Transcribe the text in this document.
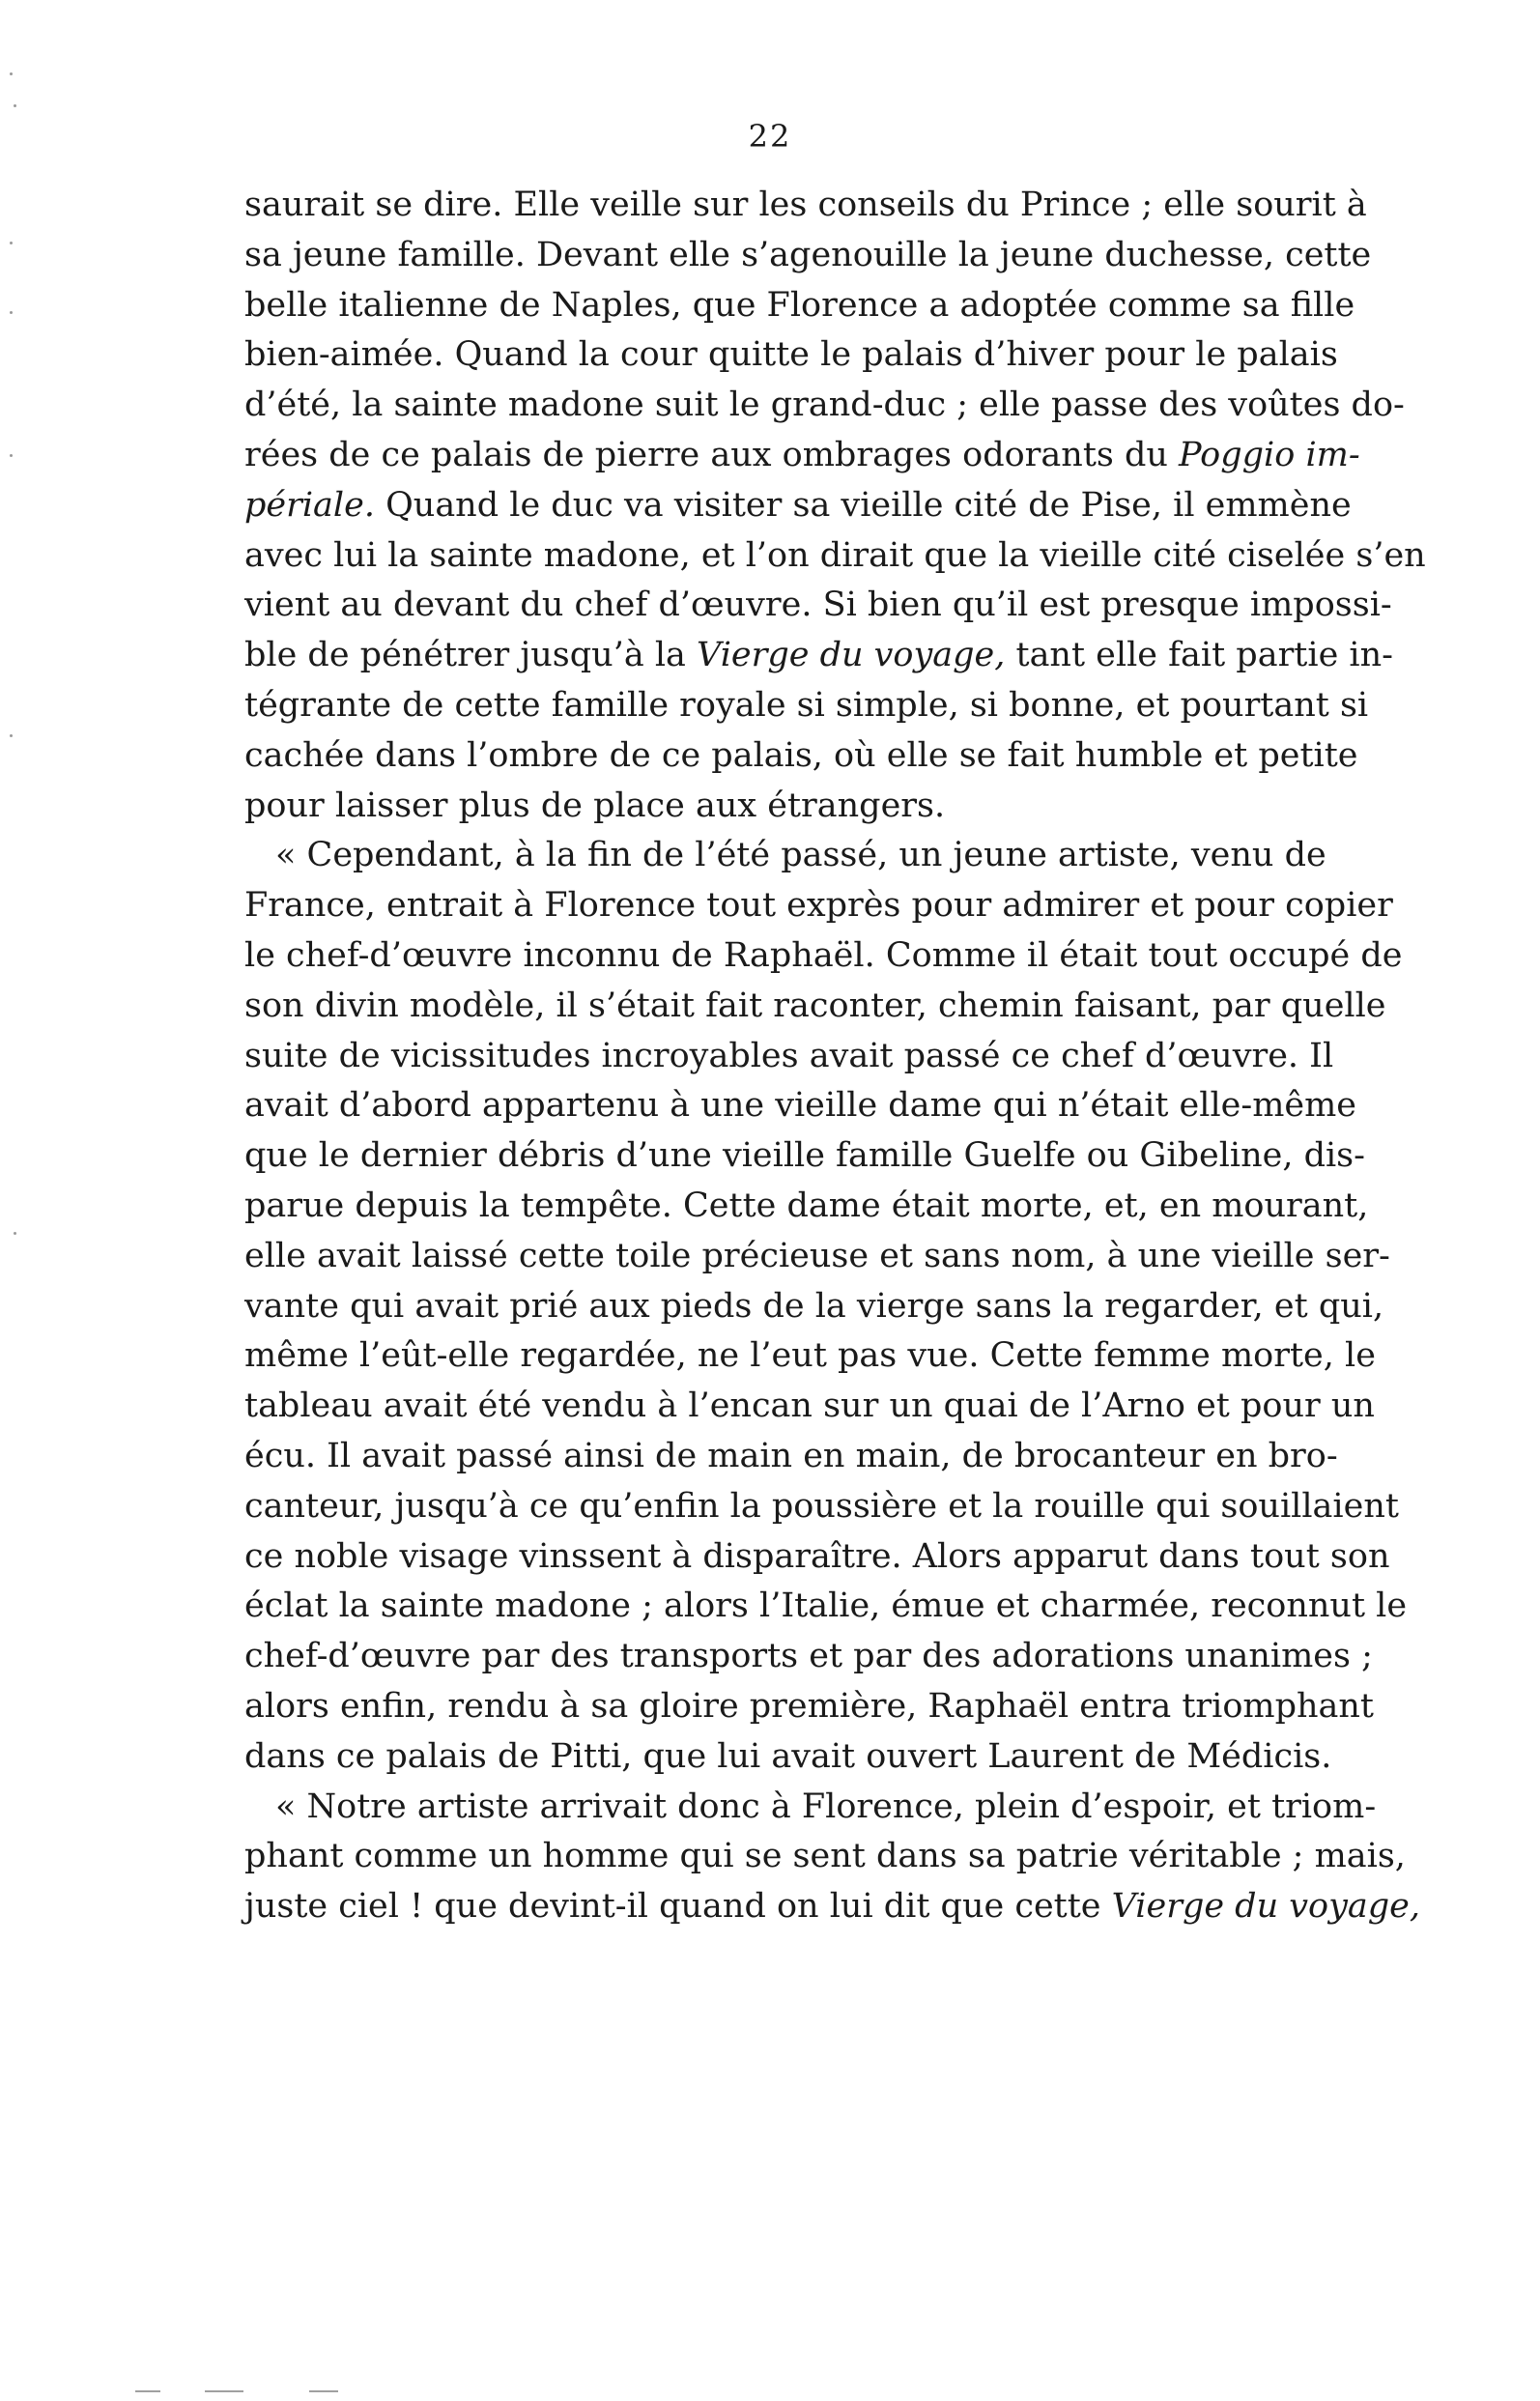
22
saurait se dire. Elle veille sur les conseils du Prince ; elle sourit à
sa jeune famille. Devant elle s’agenouille la jeune duchesse, cette
belle italienne de Naples, que Florence a adoptée comme sa fille
bien-aimée. Quand la cour quitte le palais d’hiver pour le palais
d’été, la sainte madone suit le grand-duc ; elle passe des voûtes do-
rées de ce palais de pierre aux ombrages odorants du Poggio im-
périale. Quand le duc va visiter sa vieille cité de Pise, il emmène
avec lui la sainte madone, et l’on dirait que la vieille cité ciselée s’en
vient au devant du chef d’œuvre. Si bien qu’il est presque impossi-
ble de pénétrer jusqu’à la Vierge du voyage, tant elle fait partie in-
tégrante de cette famille royale si simple, si bonne, et pourtant si
cachée dans l’ombre de ce palais, où elle se fait humble et petite
pour laisser plus de place aux étrangers.
« Cependant, à la fin de l’été passé, un jeune artiste, venu de
France, entrait à Florence tout exprès pour admirer et pour copier
le chef-d’œuvre inconnu de Raphaël. Comme il était tout occupé de
son divin modèle, il s’était fait raconter, chemin faisant, par quelle
suite de vicissitudes incroyables avait passé ce chef d’œuvre. Il
avait d’abord appartenu à une vieille dame qui n’était elle-même
que le dernier débris d’une vieille famille Guelfe ou Gibeline, dis-
parue depuis la tempête. Cette dame était morte, et, en mourant,
elle avait laissé cette toile précieuse et sans nom, à une vieille ser-
vante qui avait prié aux pieds de la vierge sans la regarder, et qui,
même l’eût-elle regardée, ne l’eut pas vue. Cette femme morte, le
tableau avait été vendu à l’encan sur un quai de l’Arno et pour un
écu. Il avait passé ainsi de main en main, de brocanteur en bro-
canteur, jusqu’à ce qu’enfin la poussière et la rouille qui souillaient
ce noble visage vinssent à disparaître. Alors apparut dans tout son
éclat la sainte madone ; alors l’Italie, émue et charmée, reconnut le
chef-d’œuvre par des transports et par des adorations unanimes ;
alors enfin, rendu à sa gloire première, Raphaël entra triomphant
dans ce palais de Pitti, que lui avait ouvert Laurent de Médicis.
« Notre artiste arrivait donc à Florence, plein d’espoir, et triom-
phant comme un homme qui se sent dans sa patrie véritable ; mais,
juste ciel ! que devint-il quand on lui dit que cette Vierge du voyage,
